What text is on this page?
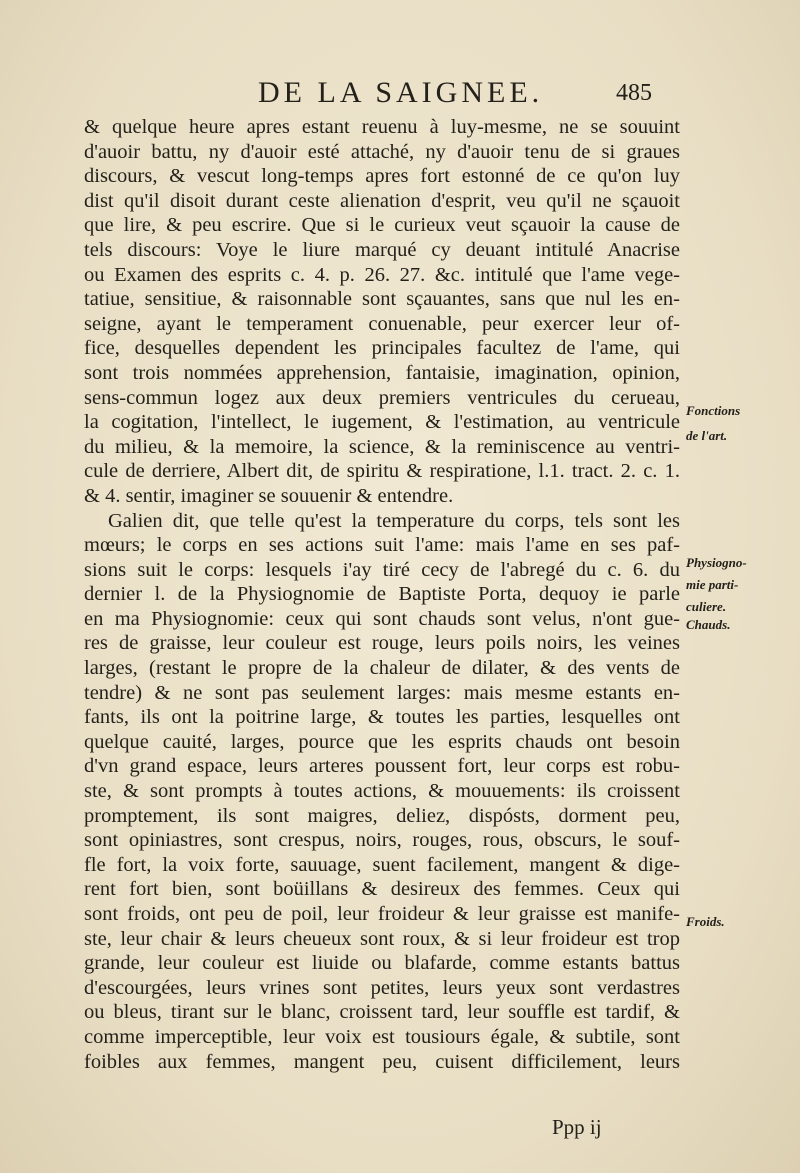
DE LA SAIGNEE.	485
& quelque heure apres estant reuenu à luy-mesme, ne se souuint
d'auoir battu, ny d'auoir esté attaché, ny d'auoir tenu de si graues
discours, & vescut long-temps apres fort estonné de ce qu'on luy
dist qu'il disoit durant ceste alienation d'esprit, veu qu'il ne sçauoit
que lire, & peu escrire. Que si le curieux veut sçauoir la cause de
tels discours: Voye le liure marqué cy deuant intitulé Anacrise
ou Examen des esprits c. 4. p. 26. 27. &c. intitulé que l'ame vege-
tatiue, sensitiue, & raisonnable sont sçauantes, sans que nul les en-
seigne, ayant le temperament conuenable, peur exercer leur of-
fice, desquelles dependent les principales facultez de l'ame, qui
sont trois nommées apprehension, fantaisie, imagination, opinion,
sens-commun logez aux deux premiers ventricules du cerueau,
la cogitation, l'intellect, le iugement, & l'estimation, au ventricule
du milieu, & la memoire, la science, & la reminiscence au ventri-
cule de derriere, Albert dit, de spiritu & respiratione, l.1. tract. 2. c. 1.
& 4. sentir, imaginer se souuenir & entendre.
Galien dit, que telle qu'est la temperature du corps, tels sont les
mœurs; le corps en ses actions suit l'ame: mais l'ame en ses paf-
sions suit le corps: lesquels i'ay tiré cecy de l'abregé du c. 6. du
dernier l. de la Physiognomie de Baptiste Porta, dequoy ie parle
en ma Physiognomie: ceux qui sont chauds sont velus, n'ont gue-
res de graisse, leur couleur est rouge, leurs poils noirs, les veines
larges, (restant le propre de la chaleur de dilater, & des vents de
tendre) & ne sont pas seulement larges: mais mesme estants en-
fants, ils ont la poitrine large, & toutes les parties, lesquelles ont
quelque cauité, larges, pource que les esprits chauds ont besoin
d'vn grand espace, leurs arteres poussent fort, leur corps est robu-
ste, & sont prompts à toutes actions, & mouuements: ils croissent
promptement, ils sont maigres, deliez, dispósts, dorment peu,
sont opiniastres, sont crespus, noirs, rouges, rous, obscurs, le souf-
fle fort, la voix forte, sauuage, suent facilement, mangent & dige-
rent fort bien, sont boüillans & desireux des femmes. Ceux qui
sont froids, ont peu de poil, leur froideur & leur graisse est manife-
ste, leur chair & leurs cheueux sont roux, & si leur froideur est trop
grande, leur couleur est liuide ou blafarde, comme estants battus
d'escourgées, leurs vrines sont petites, leurs yeux sont verdastres
ou bleus, tirant sur le blanc, croissent tard, leur souffle est tardif, &
comme imperceptible, leur voix est tousiours égale, & subtile, sont
foibles aux femmes, mangent peu, cuisent difficilement, leurs
Fonctions
de l'art.
Physiogno-
mie parti-
culiere.
Chauds.
Froids.
Ppp ij
